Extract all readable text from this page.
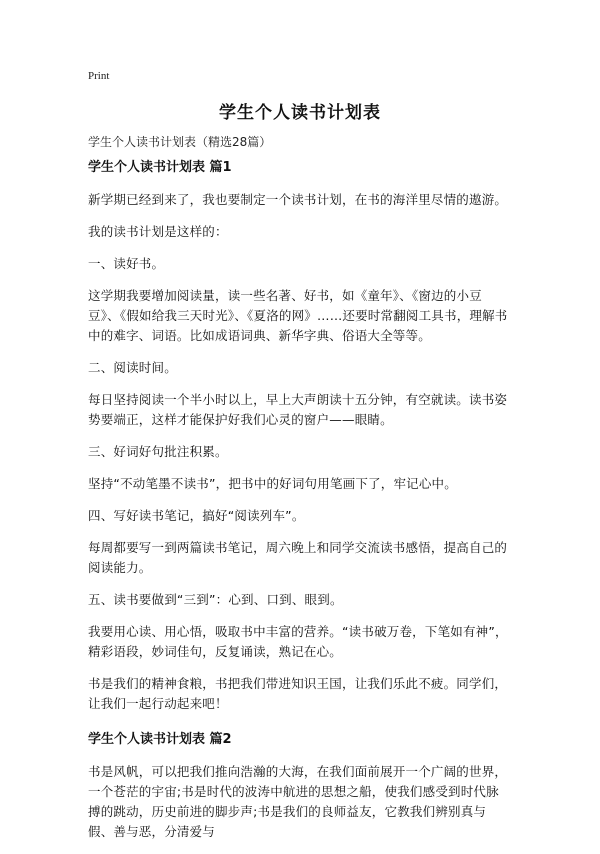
Print
学生个人读书计划表
学生个人读书计划表（精选28篇）
学生个人读书计划表 篇1

新学期已经到来了，我也要制定一个读书计划，在书的海洋里尽情的遨游。

我的读书计划是这样的：

一、读好书。

这学期我要增加阅读量，读一些名著、好书，如《童年》、《窗边的小豆豆》、《假如给我三天时光》、《夏洛的网》……还要时常翻阅工具书，理解书中的难字、词语。比如成语词典、新华字典、俗语大全等等。

二、阅读时间。

每日坚持阅读一个半小时以上，早上大声朗读十五分钟，有空就读。读书姿势要端正，这样才能保护好我们心灵的窗户——眼睛。

三、好词好句批注积累。

坚持“不动笔墨不读书”，把书中的好词句用笔画下了，牢记心中。

四、写好读书笔记，搞好“阅读列车”。

每周都要写一到两篇读书笔记，周六晚上和同学交流读书感悟，提高自己的阅读能力。

五、读书要做到“三到”：心到、口到、眼到。

我要用心读、用心悟，吸取书中丰富的营养。“读书破万卷，下笔如有神”，精彩语段，妙词佳句，反复诵读，熟记在心。

书是我们的精神食粮，书把我们带进知识王国，让我们乐此不疲。同学们，让我们一起行动起来吧！

学生个人读书计划表 篇2

书是风帆，可以把我们推向浩瀚的大海，在我们面前展开一个广阔的世界，一个苍茫的宇宙;书是时代的波涛中航进的思想之船，使我们感受到时代脉搏的跳动，历史前进的脚步声;书是我们的良师益友，它教我们辨别真与假、善与恶，分清爱与
